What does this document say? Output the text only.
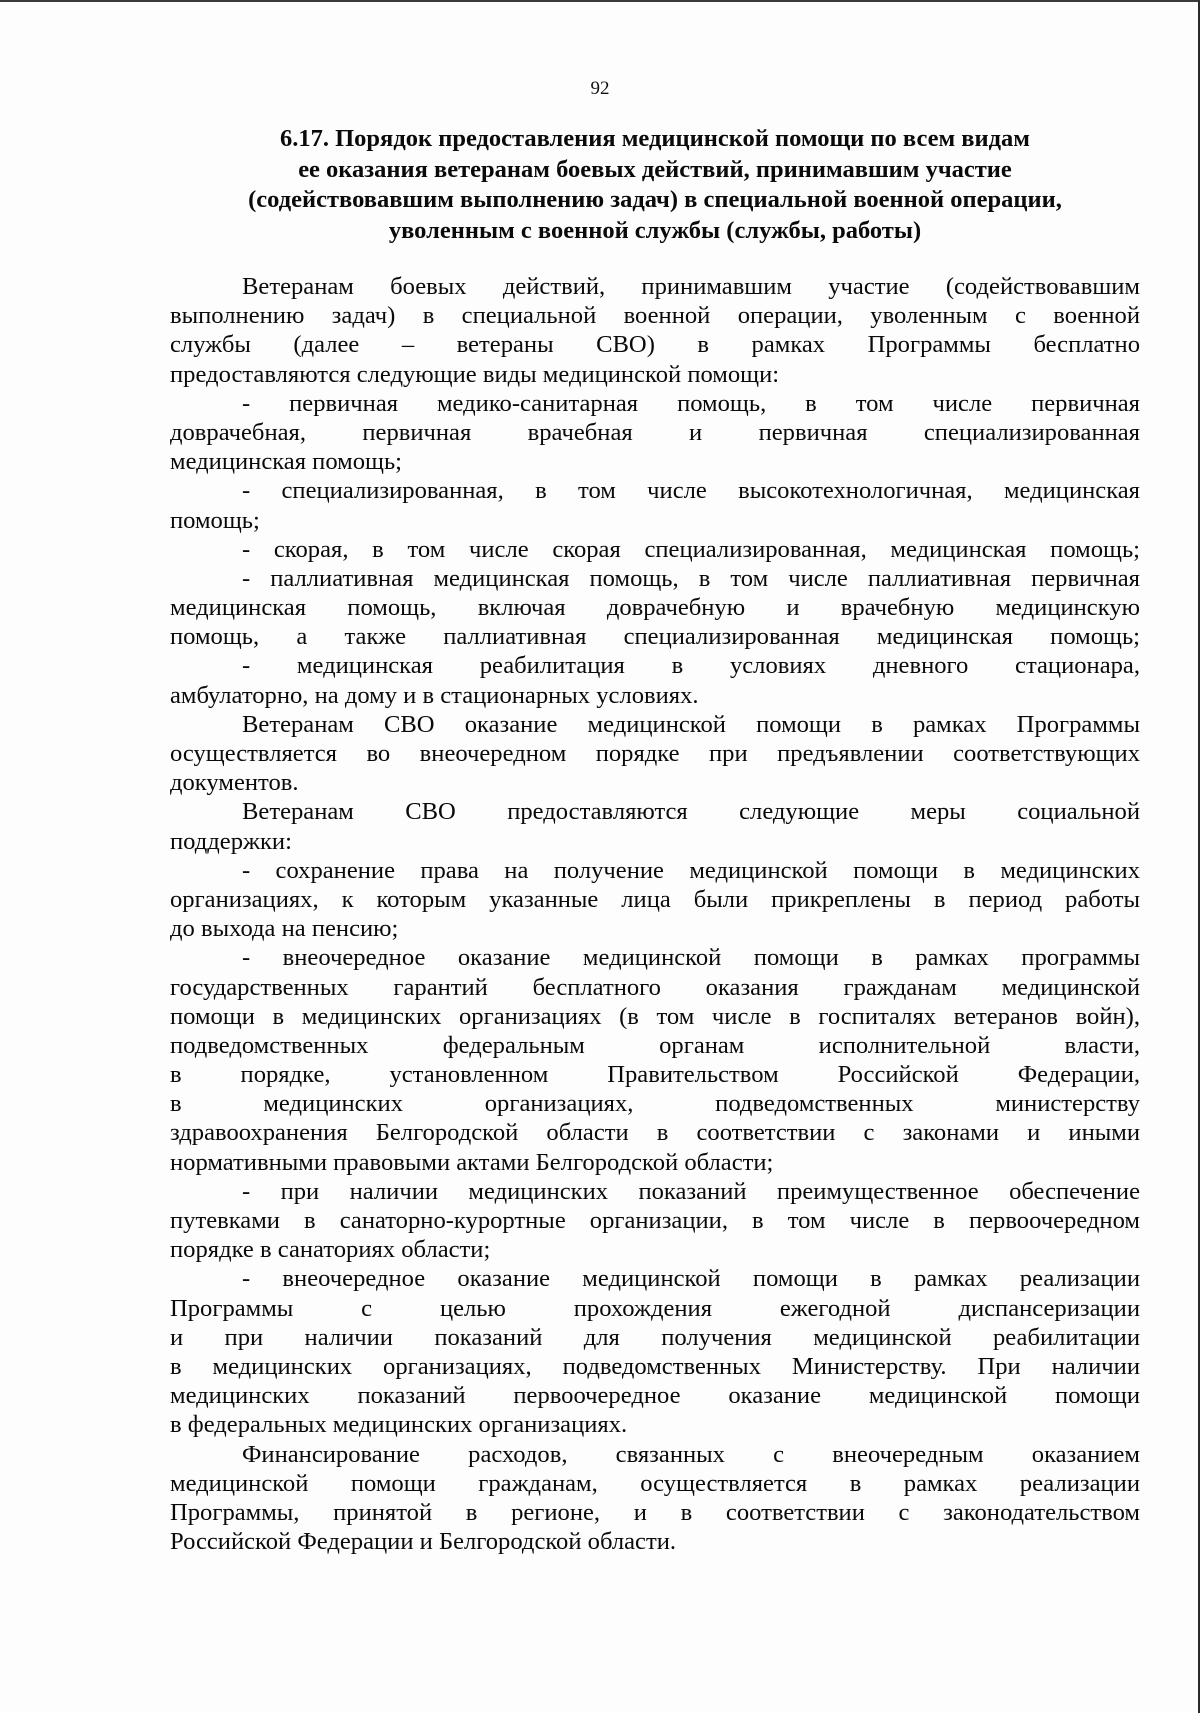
92
6.17. Порядок предоставления медицинской помощи по всем видам
ее оказания ветеранам боевых действий, принимавшим участие
(содействовавшим выполнению задач) в специальной военной операции,
уволенным с военной службы (службы, работы)
Ветеранам боевых действий, принимавшим участие (содействовавшим
выполнению задач) в специальной военной операции, уволенным с военной
службы (далее – ветераны СВО) в рамках Программы бесплатно
предоставляются следующие виды медицинской помощи:
- первичная медико-санитарная помощь, в том числе первичная
доврачебная, первичная врачебная и первичная специализированная
медицинская помощь;
- специализированная, в том числе высокотехнологичная, медицинская
помощь;
- скорая, в том числе скорая специализированная, медицинская помощь;
- паллиативная медицинская помощь, в том числе паллиативная первичная
медицинская помощь, включая доврачебную и врачебную медицинскую
помощь, а также паллиативная специализированная медицинская помощь;
- медицинская реабилитация в условиях дневного стационара,
амбулаторно, на дому и в стационарных условиях.
Ветеранам СВО оказание медицинской помощи в рамках Программы
осуществляется во внеочередном порядке при предъявлении соответствующих
документов.
Ветеранам СВО предоставляются следующие меры социальной
поддержки:
- сохранение права на получение медицинской помощи в медицинских
организациях, к которым указанные лица были прикреплены в период работы
до выхода на пенсию;
- внеочередное оказание медицинской помощи в рамках программы
государственных гарантий бесплатного оказания гражданам медицинской
помощи в медицинских организациях (в том числе в госпиталях ветеранов войн),
подведомственных федеральным органам исполнительной власти,
в порядке, установленном Правительством Российской Федерации,
в медицинских организациях, подведомственных министерству
здравоохранения Белгородской области в соответствии с законами и иными
нормативными правовыми актами Белгородской области;
- при наличии медицинских показаний преимущественное обеспечение
путевками в санаторно-курортные организации, в том числе в первоочередном
порядке в санаториях области;
- внеочередное оказание медицинской помощи в рамках реализации
Программы с целью прохождения ежегодной диспансеризации
и при наличии показаний для получения медицинской реабилитации
в медицинских организациях, подведомственных Министерству. При наличии
медицинских показаний первоочередное оказание медицинской помощи
в федеральных медицинских организациях.
Финансирование расходов, связанных с внеочередным оказанием
медицинской помощи гражданам, осуществляется в рамках реализации
Программы, принятой в регионе, и в соответствии с законодательством
Российской Федерации и Белгородской области.
